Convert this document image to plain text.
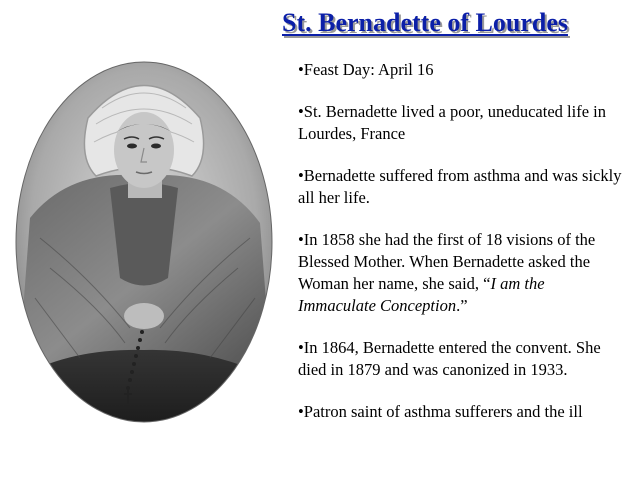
St. Bernadette of Lourdes

•Feast Day: April 16

•St. Bernadette lived a poor, uneducated life in Lourdes, France

•Bernadette suffered from asthma and was sickly all her life.

•In 1858 she had the first of 18 visions of the Blessed Mother. When Bernadette asked the Woman her name, she said, “I am the Immaculate Conception.”

•In 1864, Bernadette entered the convent. She died in 1879 and was canonized in 1933.

•Patron saint of asthma sufferers and the ill
